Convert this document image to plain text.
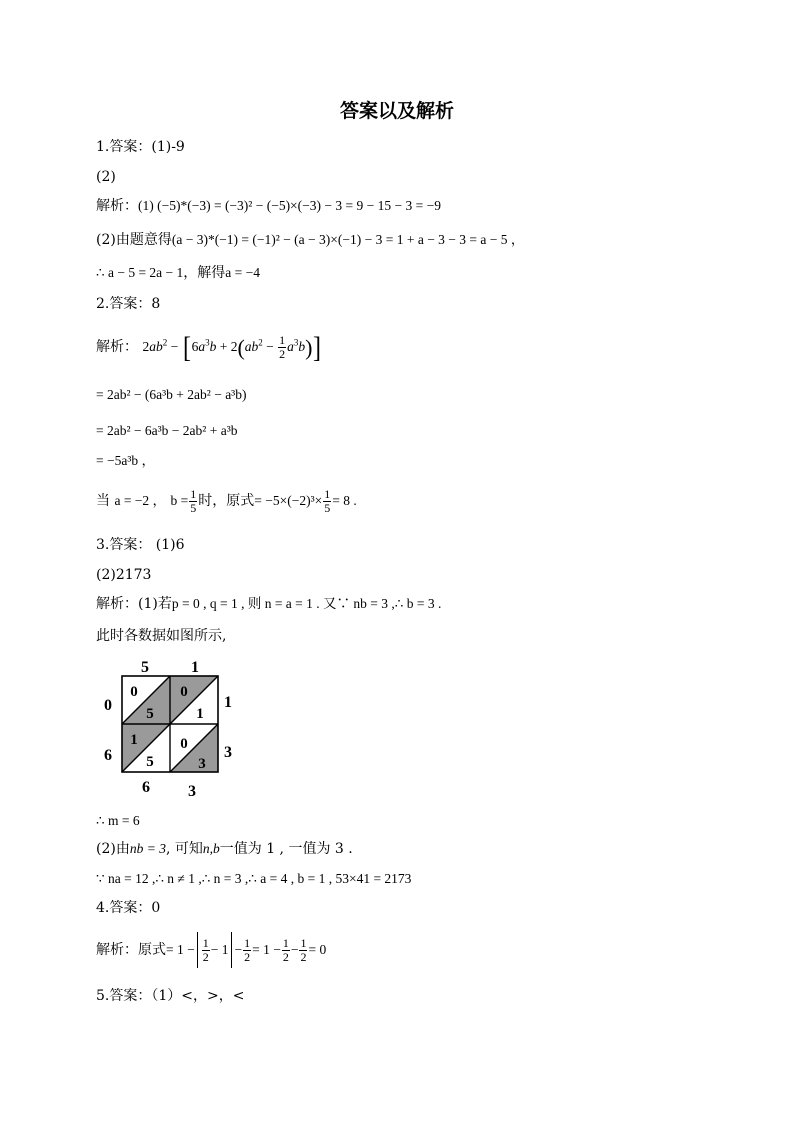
答案以及解析
1.答案：(1)-9
(2)
解析：(1) (−5)*(−3) = (−3)² − (−5)×(−3) − 3 = 9 − 15 − 3 = −9
(2)由题意得(a − 3)*(−1) = (−1)² − (a − 3)×(−1) − 3 = 1 + a − 3 − 3 = a − 5 ，
∴ a − 5 = 2a − 1，解得a = −4
2.答案：8
解析： $2ab^2 - [6a^3b + 2(ab^2 - \frac{1}{2} a^3b)]$
= 2ab² − (6a³b + 2ab² − a³b)
= 2ab² − 6a³b − 2ab² + a³b
= −5a³b ，
当 a = −2 ， $b = \frac{1}{5}$ 时，原式= $-5\times(-2)^3\times \frac{1}{5} = 8$ .
3.答案： (1)6
(2)2173
解析：(1)若p = 0 , q = 1 , 则 n = a = 1 . 又∵ nb = 3 ,∴ b = 3 .
此时各数据如图所示,
5	1
0
6
1
3
6 3
0
5
0
1
1
5
0
3
∴ m = 6
(2)由nb = 3, 可知n,b一值为 1 , 一值为 3 .
∵ na = 12 ,∴ n ≠ 1 ,∴ n = 3 ,∴ a = 4 , b = 1 , 53×41 = 2173
4.答案：0
解析：原式= $1 - \frac{1}{2} - 1 - \frac{1}{2} = 1 - \frac{1}{2} - \frac{1}{2} = 0$
5.答案：（1）<，>，<
